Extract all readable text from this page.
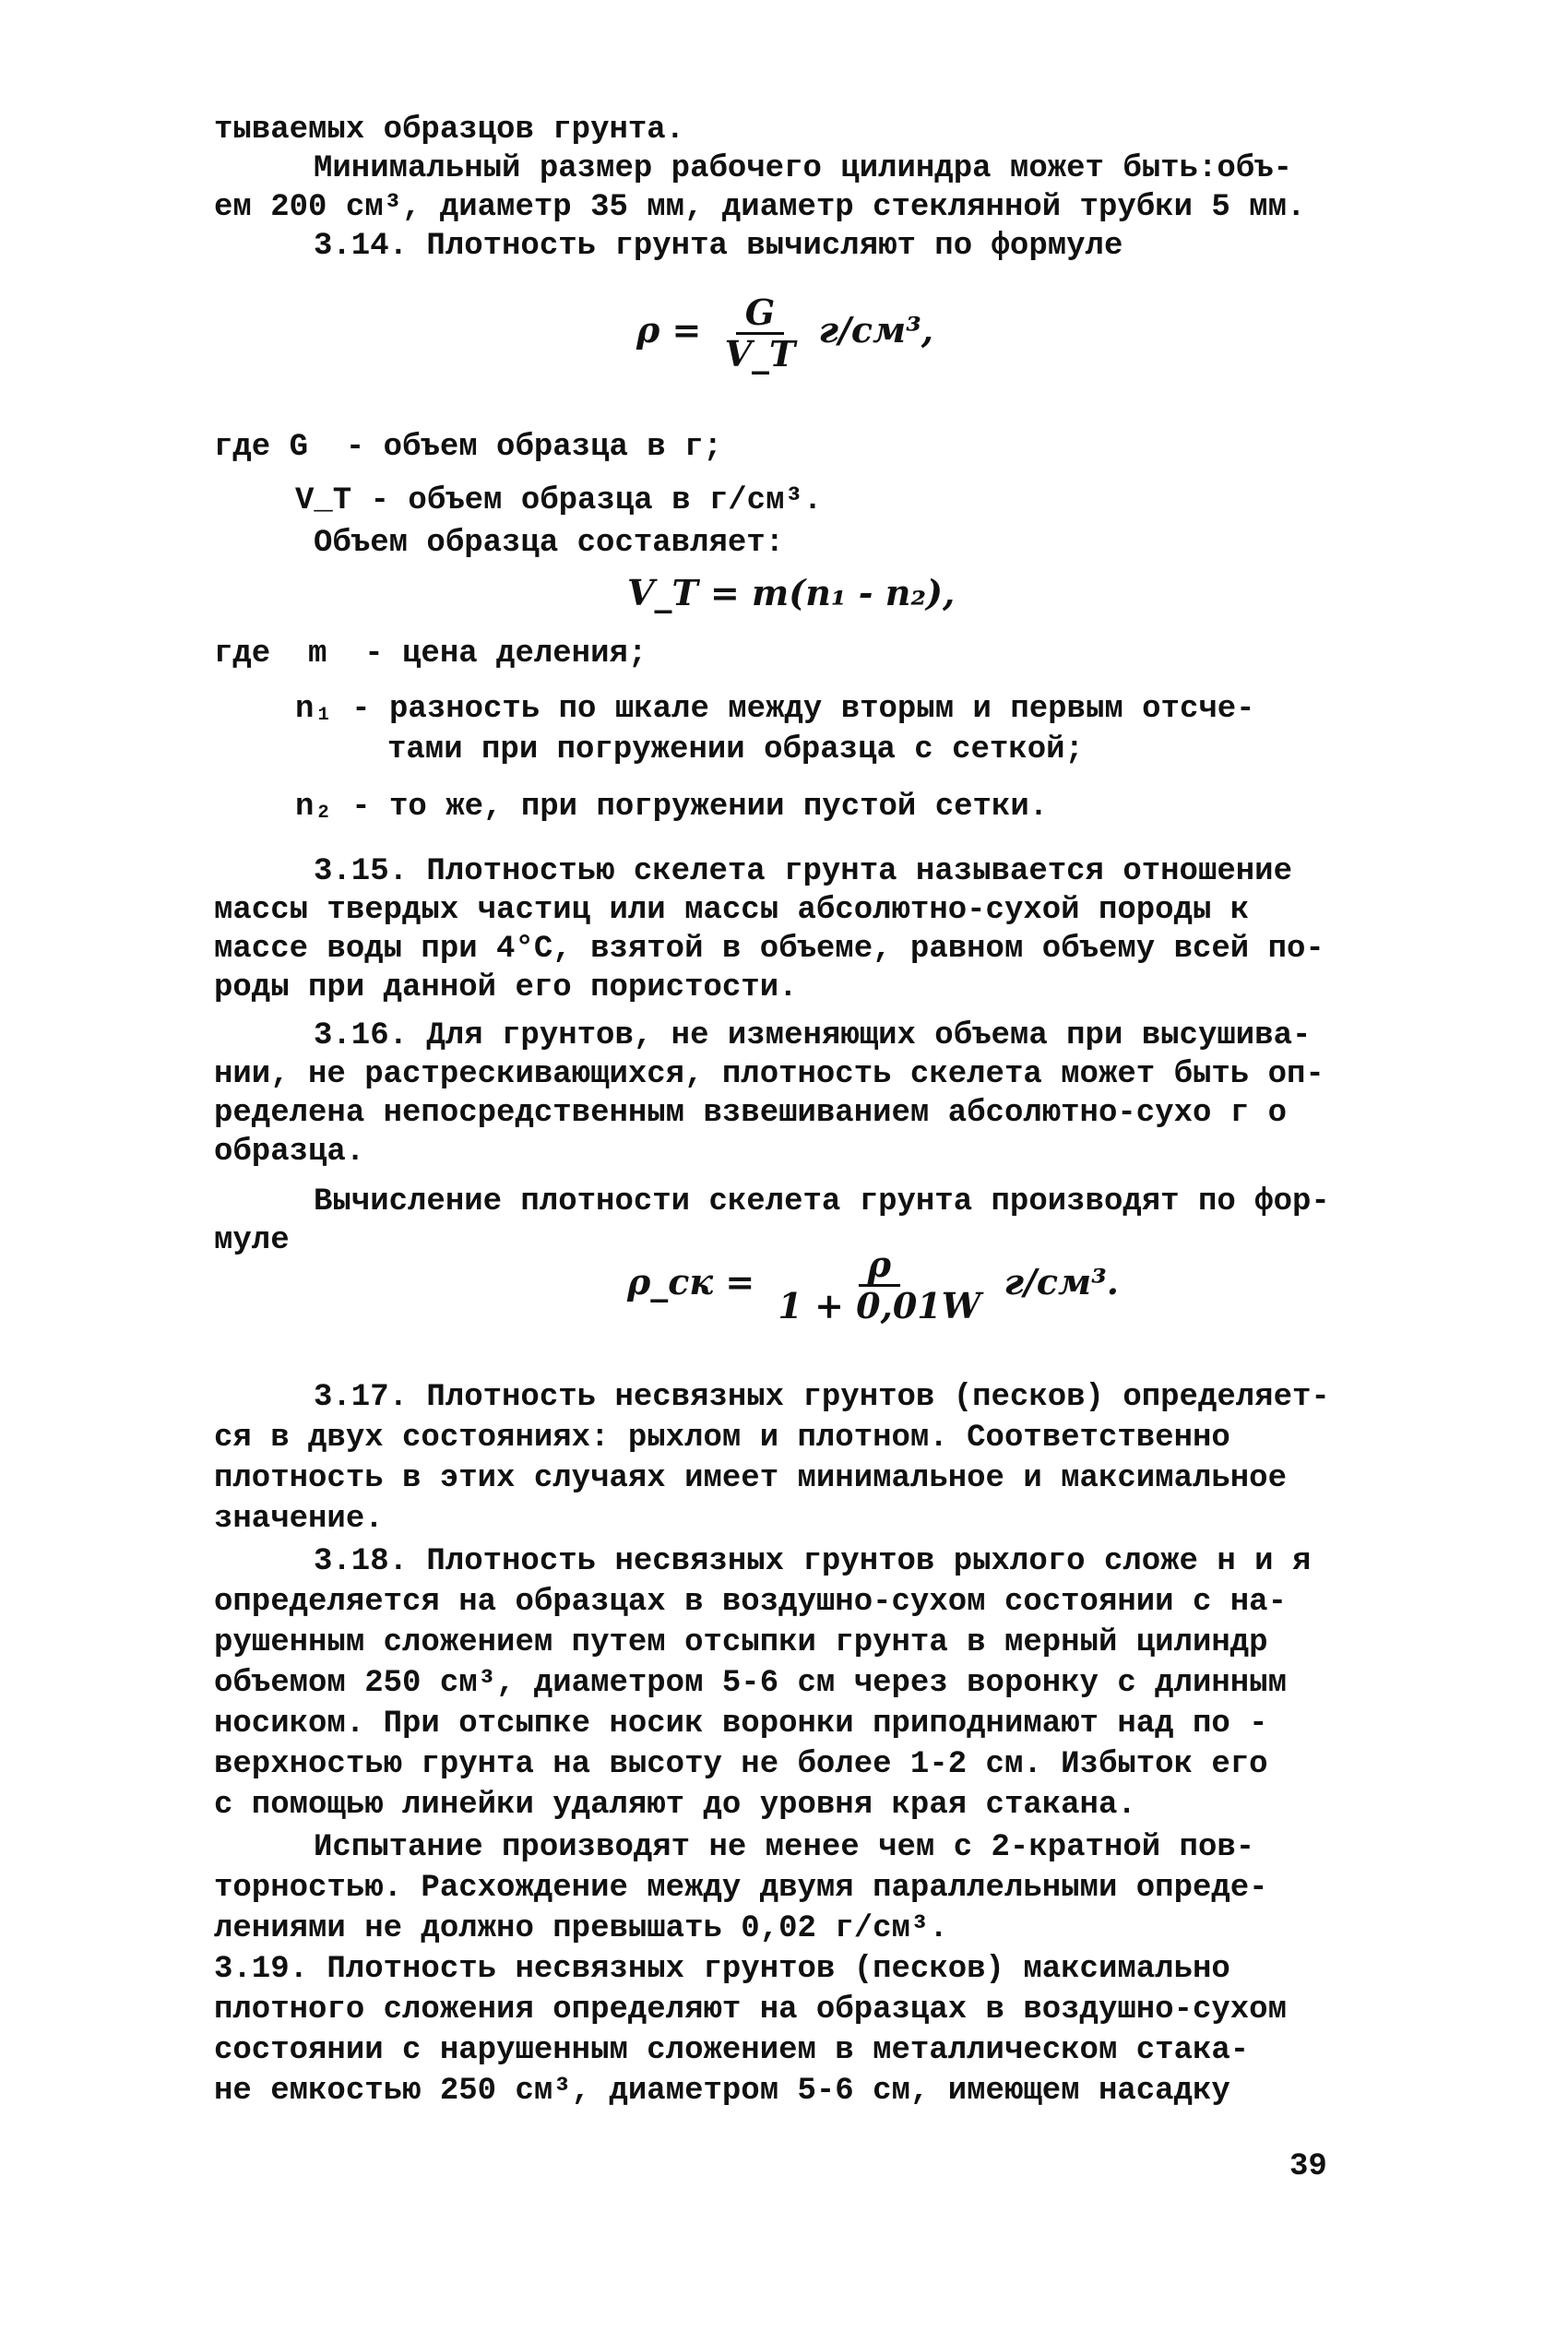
тываемых образцов грунта.
Минимальный размер рабочего цилиндра может быть:объ-
ем 200 см³, диаметр 35 мм, диаметр стеклянной трубки 5 мм.
3.14. Плотность грунта вычисляют по формуле
$\rho = \frac{G}{V\_T} г/см^3$,
где G  - объем образца в г;
V_T - объем образца в г/см³.
Объем образца составляет:
V_T = m(n₁ - n₂),
где  m  - цена деления;
n₁ - разность по шкале между вторым и первым отсче-
тами при погружении образца с сеткой;
n₂ - то же, при погружении пустой сетки.
3.15. Плотностью скелета грунта называется отношение
массы твердых частиц или массы абсолютно-сухой породы к
массе воды при 4°С, взятой в объеме, равном объему всей по-
роды при данной его пористости.
3.16. Для грунтов, не изменяющих объема при высушива-
нии, не растрескивающихся, плотность скелета может быть оп-
ределена непосредственным взвешиванием абсолютно-сухо г о
образца.
Вычисление плотности скелета грунта производят по фор-
муле
ρ_ск = $\frac{\rho}{1 + 0,01W} г/см^3$.
3.17. Плотность несвязных грунтов (песков) определяет-
ся в двух состояниях: рыхлом и плотном. Соответственно
плотность в этих случаях имеет минимальное и максимальное
значение.
3.18. Плотность несвязных грунтов рыхлого сложе н и я
определяется на образцах в воздушно-сухом состоянии с на-
рушенным сложением путем отсыпки грунта в мерный цилиндр
объемом 250 см³, диаметром 5-6 см через воронку с длинным
носиком. При отсыпке носик воронки приподнимают над по -
верхностью грунта на высоту не более 1-2 см. Избыток его
с помощью линейки удаляют до уровня края стакана.
Испытание производят не менее чем с 2-кратной пов-
торностью. Расхождение между двумя параллельными опреде-
лениями не должно превышать 0,02 г/см³.
3.19. Плотность несвязных грунтов (песков) максимально
плотного сложения определяют на образцах в воздушно-сухом
состоянии с нарушенным сложением в металлическом стака-
не емкостью 250 см³, диаметром 5-6 см, имеющем насадку
39
